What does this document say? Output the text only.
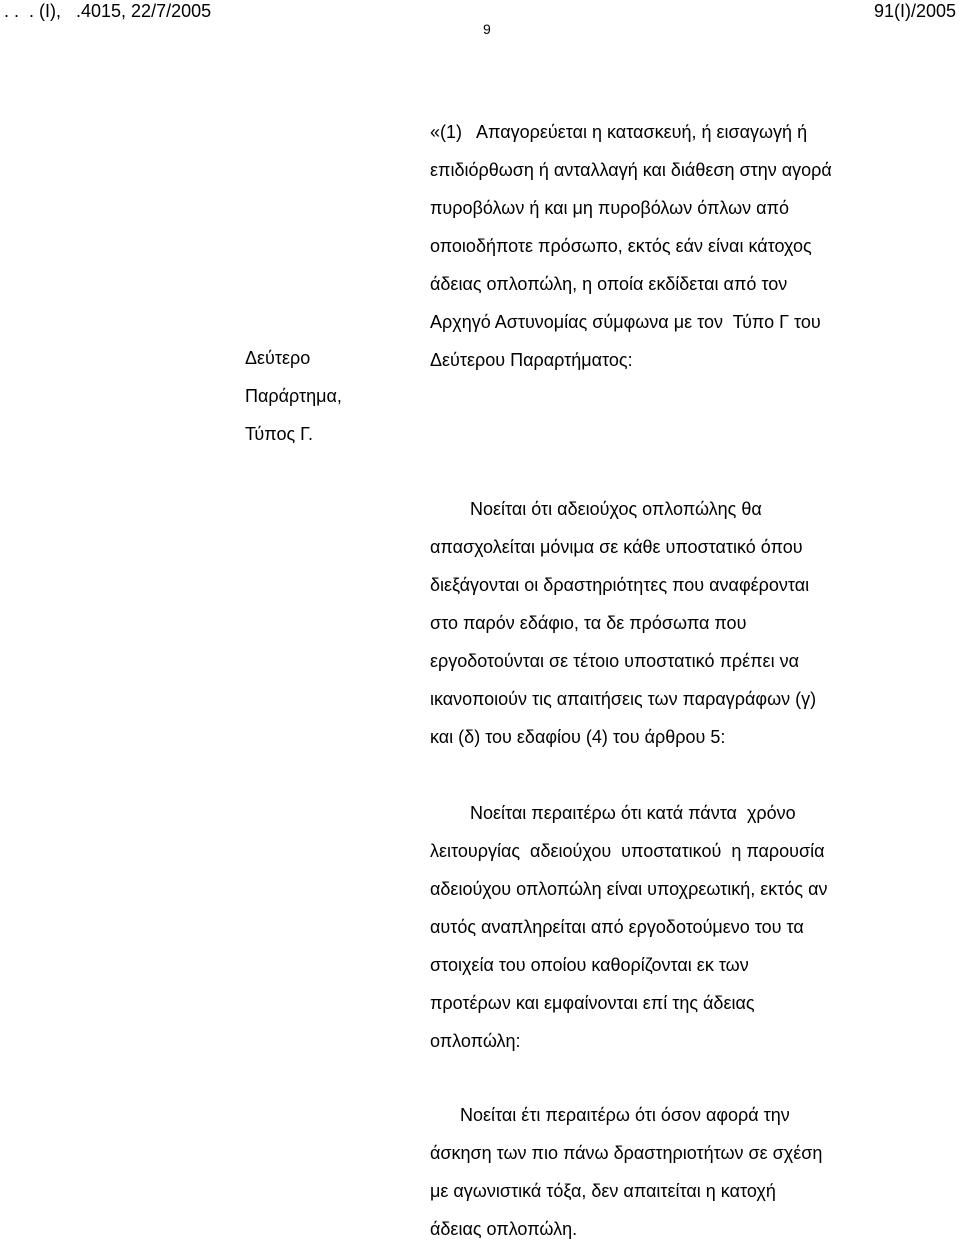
. .  . (Ι),   .4015, 22/7/2005	91(Ι)/2005
9
Δεύτερο
Παράρτημα,
Τύπος Γ.
«(1)   Απαγορεύεται η κατασκευή, ή εισαγωγή ή
επιδιόρθωση ή ανταλλαγή και διάθεση στην αγορά
πυροβόλων ή και μη πυροβόλων όπλων από
οποιοδήποτε πρόσωπο, εκτός εάν είναι κάτοχος
άδειας οπλοπώλη, η οποία εκδίδεται από τον
Αρχηγό Αστυνομίας σύμφωνα με τον  Τύπο Γ του
Δεύτερου Παραρτήματος:
Νοείται ότι αδειούχος οπλοπώλης θα
απασχολείται μόνιμα σε κάθε υποστατικό όπου
διεξάγονται οι δραστηριότητες που αναφέρονται
στο παρόν εδάφιο, τα δε πρόσωπα που
εργοδοτούνται σε τέτοιο υποστατικό πρέπει να
ικανοποιούν τις απαιτήσεις των παραγράφων (γ)
και (δ) του εδαφίου (4) του άρθρου 5:
Νοείται περαιτέρω ότι κατά πάντα  χρόνο
λειτουργίας  αδειούχου  υποστατικού  η παρουσία
αδειούχου οπλοπώλη είναι υποχρεωτική, εκτός αν
αυτός αναπληρείται από εργοδοτούμενο του τα
στοιχεία του οποίου καθορίζονται εκ των
προτέρων και εμφαίνονται επί της άδειας
οπλοπώλη:
Νοείται έτι περαιτέρω ότι όσον αφορά την
άσκηση των πιο πάνω δραστηριοτήτων σε σχέση
με αγωνιστικά τόξα, δεν απαιτείται η κατοχή
άδειας οπλοπώλη.
